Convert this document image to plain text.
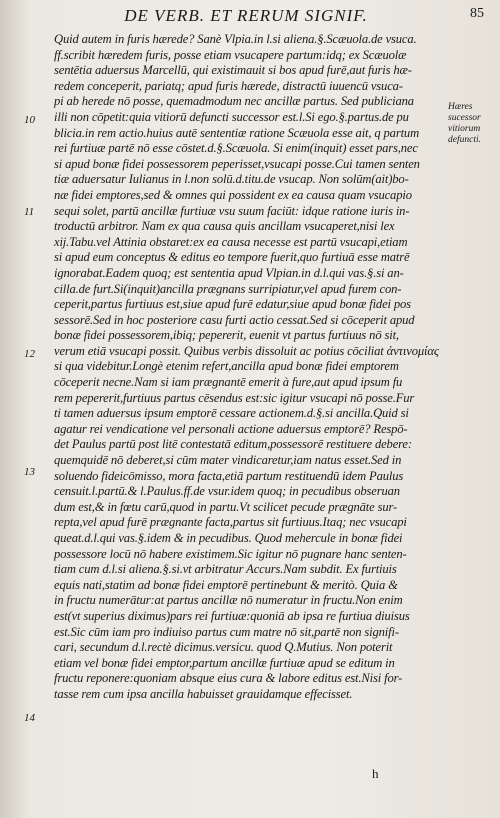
DE VERB. ET RERUM SIGNIF.	85
10
11
12
13
14
Hæres sucessor vitiorum defuncti.
Quid autem in furis hærede? Sanè Vlpia.in l.si aliena.§.Scæuola.de vsuca.
ff.scribit hæredem furis, posse etiam vsucapere partum:idq; ex Scæuolæ
sentētia aduersus Marcellū, qui existimauit si bos apud furē,aut furis hæ-
redem conceperit, pariatq; apud furis hærede, distractū iuuencū vsuca-
pi ab herede nō posse, quemadmodum nec ancillæ partus. Sed publiciana
illi non cōpetit:quia vitiorū defuncti successor est.l.Si ego.§.partus.de pu
blicia.in rem actio.huius autē sententiæ ratione Scæuola esse ait, q partum
rei furtiuæ partē nō esse cōstet.d.§.Scæuola. Si enim(inquit) esset pars,nec
si apud bonæ fidei possessorem peperisset,vsucapi posse.Cui tamen senten
tiæ aduersatur Iulianus in l.non solū.d.titu.de vsucap. Non solūm(ait)bo-
næ fidei emptores,sed & omnes qui possident ex ea causa quam vsucapio
sequi solet, partū ancillæ furtiuæ vsu suum faciūt: idque ratione iuris in-
troductū arbitror. Nam ex qua causa quis ancillam vsucaperet,nisi lex
xij.Tabu.vel Attinia obstaret:ex ea causa necesse est partū vsucapi,etiam
si apud eum conceptus & editus eo tempore fuerit,quo furtiuā esse matrē
ignorabat.Eadem quoq; est sententia apud Vlpian.in d.l.qui vas.§.si an-
cilla.de furt.Si(inquit)ancilla prægnans surripiatur,vel apud furem con-
ceperit,partus furtiuus est,siue apud furē edatur,siue apud bonæ fidei pos
sessorē.Sed in hoc posteriore casu furti actio cessat.Sed si cōceperit apud
bonæ fidei possessorem,ibiq; pepererit, euenit vt partus furtiuus nō sit,
verum etiā vsucapi possit. Quibus verbis dissoluit ac potius cōciliat ἀντινομίας
si qua videbitur.Longè etenim refert,ancilla apud bonæ fidei emptorem
cōceperit necne.Nam si iam prægnantē emerit à fure,aut apud ipsum fu
rem pepererit,furtiuus partus cēsendus est:sic igitur vsucapi nō posse.Fur
ti tamen aduersus ipsum emptorē cessare actionem.d.§.si ancilla.Quid si
agatur rei vendicatione vel personali actione aduersus emptorē? Respō-
det Paulus partū post litē contestatā editum,possessorē restituere debere:
quemquidē nō deberet,si cūm mater vindicaretur,iam natus esset.Sed in
soluendo fideicōmisso, mora facta,etiā partum restituendū idem Paulus
censuit.l.partū.& l.Paulus.ff.de vsur.idem quoq; in pecudibus obseruan
dum est,& in fœtu carū,quod in partu.Vt scilicet pecude prægnāte sur-
repta,vel apud furē prægnante facta,partus sit furtiuus.Itaq; nec vsucapi
queat.d.l.qui vas.§.idem & in pecudibus. Quod mehercule in bonæ fidei
possessore locū nō habere existimem.Sic igitur nō pugnare hanc senten-
tiam cum d.l.si aliena.§.si.vt arbitratur Accurs.Nam subdit. Ex furtiuis
equis nati,statim ad bonæ fidei emptorē pertinebunt & meritò. Quia &
in fructu numerātur:at partus ancillæ nō numeratur in fructu.Non enim
est(vt superius diximus)pars rei furtiuæ:quoniā ab ipsa re furtiua diuisus
est.Sic cūm iam pro indiuiso partus cum matre nō sit,partē non signifi-
cari, secundum d.l.rectè dicimus.versicu. quod Q.Mutius. Non poterit
etiam vel bonæ fidei emptor,partum ancillæ furtiuæ apud se editum in
fructu reponere:quoniam absque eius cura & labore editus est.Nisi for-
tasse rem cum ipsa ancilla habuisset grauidamque effecisset.
h
